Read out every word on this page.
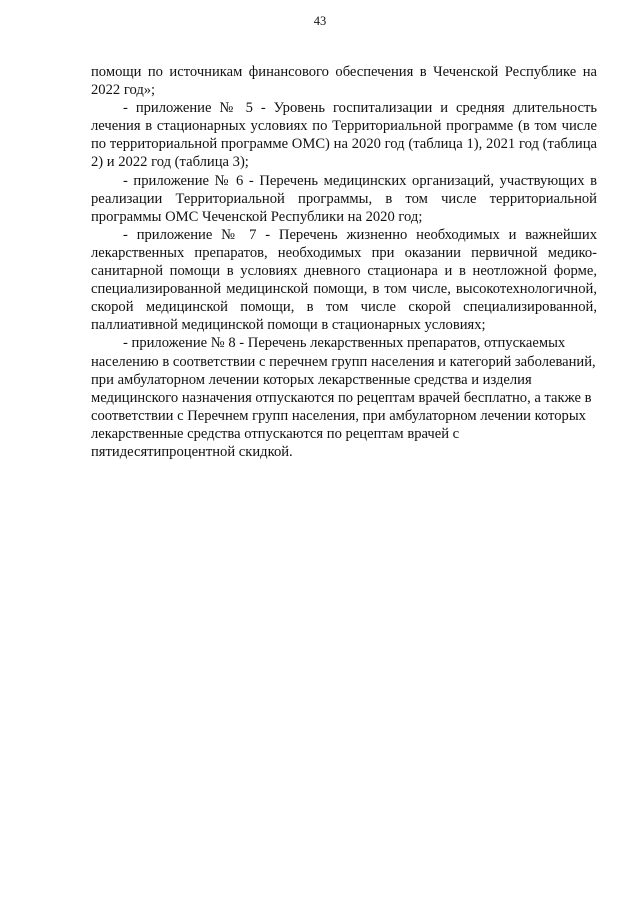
43

помощи по источникам финансового обеспечения в Чеченской Республике на 2022 год»;

- приложение № 5 - Уровень госпитализации и средняя длительность лечения в стационарных условиях по Территориальной программе (в том числе по территориальной программе ОМС) на 2020 год (таблица 1), 2021 год (таблица 2) и 2022 год (таблица 3);

- приложение № 6 - Перечень медицинских организаций, участвующих в реализации Территориальной программы, в том числе территориальной программы ОМС Чеченской Республики на 2020 год;

- приложение № 7 - Перечень жизненно необходимых и важнейших лекарственных препаратов, необходимых при оказании первичной медико-санитарной помощи в условиях дневного стационара и в неотложной форме, специализированной медицинской помощи, в том числе, высокотехнологичной, скорой медицинской помощи, в том числе скорой специализированной, паллиативной медицинской помощи в стационарных условиях;

- приложение № 8 - Перечень лекарственных препаратов, отпускаемых населению в соответствии с перечнем групп населения и категорий заболеваний, при амбулаторном лечении которых лекарственные средства и изделия медицинского назначения отпускаются по рецептам врачей бесплатно, а также в соответствии с Перечнем групп населения, при амбулаторном лечении которых лекарственные средства отпускаются по рецептам врачей с пятидесятипроцентной скидкой.
